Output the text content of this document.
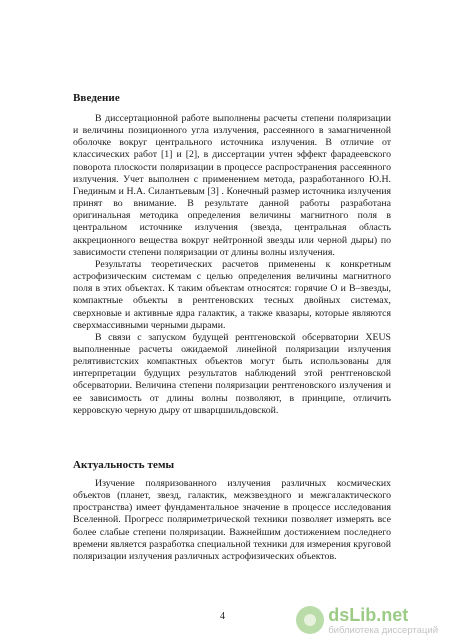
Введение

В диссертационной работе выполнены расчеты степени поляризации и величины позиционного угла излучения, рассеянного в замагниченной оболочке вокруг центрального источника излучения. В отличие от классических работ [1] и [2], в диссертации учтен эффект фарадеевского поворота плоскости поляризации в процессе распространения рассеянного излучения. Учет выполнен с применением метода, разработанного Ю.Н. Гнединым и Н.А. Силантьевым [3] . Конечный размер источника излучения принят во внимание. В результате данной работы разработана оригинальная методика определения величины магнитного поля в центральном источнике излучения (звезда, центральная область аккреционного вещества вокруг нейтронной звезды или черной дыры) по зависимости степени поляризации от длины волны излучения.

Результаты теоретических расчетов применены к конкретным астрофизическим системам с целью определения величины магнитного поля в этих объектах. К таким объектам относятся: горячие О и В–звезды, компактные объекты в рентгеновских тесных двойных системах, сверхновые и активные ядра галактик, а также квазары, которые являются сверхмассивными черными дырами.

В связи с запуском будущей рентгеновской обсерватории XEUS выполненные расчеты ожидаемой линейной поляризации излучения релятивистских компактных объектов могут быть использованы для интерпретации будущих результатов наблюдений этой рентгеновской обсерватории. Величина степени поляризации рентгеновского излучения и ее зависимость от длины волны позволяют, в принципе, отличить керровскую черную дыру от шварцшильдовской.

Актуальность темы

Изучение поляризованного излучения различных космических объектов (планет, звезд, галактик, межзвездного и межгалактического пространства) имеет фундаментальное значение в процессе исследования Вселенной. Прогресс поляриметрической техники позволяет измерять все более слабые степени поляризации. Важнейшим достижением последнего времени является разработка специальной техники для измерения круговой поляризации излучения различных астрофизических объектов.

4	dsLib.net
библиотека диссертаций
